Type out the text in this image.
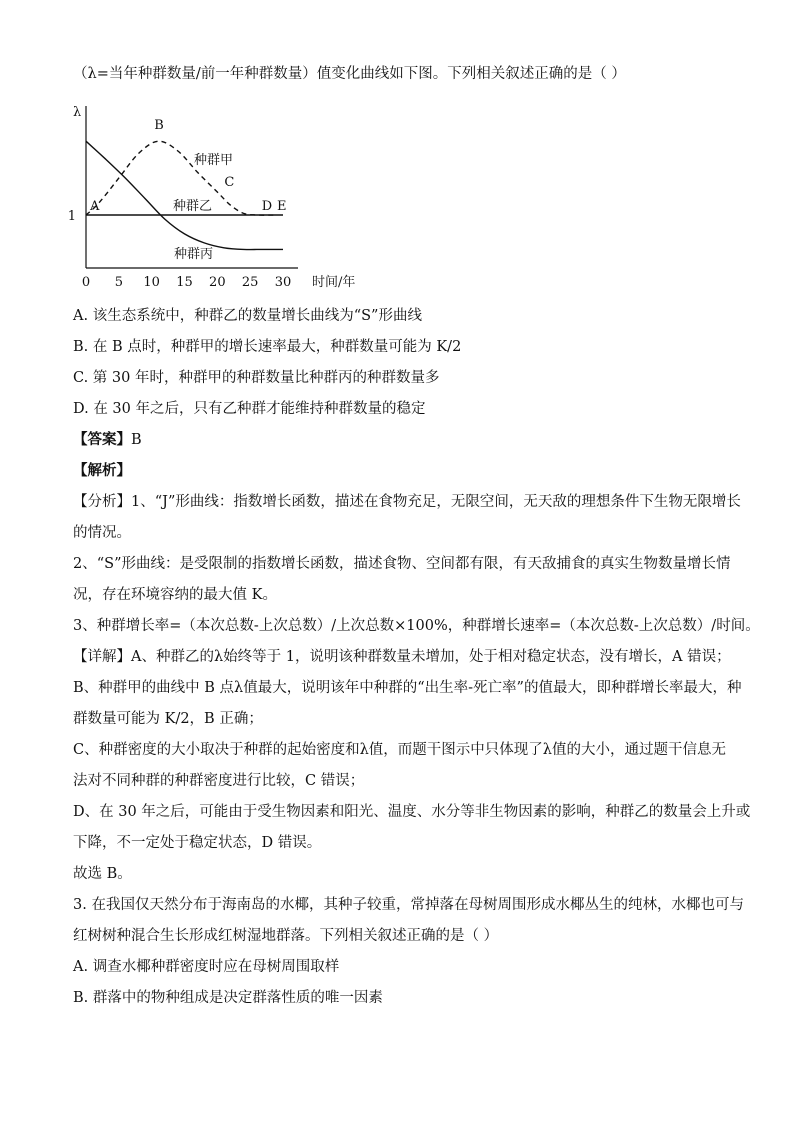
（λ=当年种群数量/前一年种群数量）值变化曲线如下图。下列相关叙述正确的是（ ）
λ
时间/年
0 5 10 15 20 25 30
1
A
B
C
D E
种群甲
种群乙
种群丙
A. 该生态系统中，种群乙的数量增长曲线为“S”形曲线
B. 在 B 点时，种群甲的增长速率最大，种群数量可能为 K/2
C. 第 30 年时，种群甲的种群数量比种群丙的种群数量多
D. 在 30 年之后，只有乙种群才能维持种群数量的稳定
【答案】B
【解析】
【分析】1、“J”形曲线：指数增长函数，描述在食物充足，无限空间，无天敌的理想条件下生物无限增长
的情况。
2、“S”形曲线：是受限制的指数增长函数，描述食物、空间都有限，有天敌捕食的真实生物数量增长情
况，存在环境容纳的最大值 K。
3、种群增长率=（本次总数-上次总数）/上次总数×100%，种群增长速率=（本次总数-上次总数）/时间。
【详解】A、种群乙的λ始终等于 1，说明该种群数量未增加，处于相对稳定状态，没有增长，A 错误；
B、种群甲的曲线中 B 点λ值最大，说明该年中种群的“出生率-死亡率”的值最大，即种群增长率最大，种
群数量可能为 K/2，B 正确；
C、种群密度的大小取决于种群的起始密度和λ值，而题干图示中只体现了λ值的大小，通过题干信息无
法对不同种群的种群密度进行比较，C 错误；
D、在 30 年之后，可能由于受生物因素和阳光、温度、水分等非生物因素的影响，种群乙的数量会上升或
下降，不一定处于稳定状态，D 错误。
故选 B。
3. 在我国仅天然分布于海南岛的水椰，其种子较重，常掉落在母树周围形成水椰丛生的纯林，水椰也可与
红树树种混合生长形成红树湿地群落。下列相关叙述正确的是（ ）
A. 调查水椰种群密度时应在母树周围取样
B. 群落中的物种组成是决定群落性质的唯一因素
